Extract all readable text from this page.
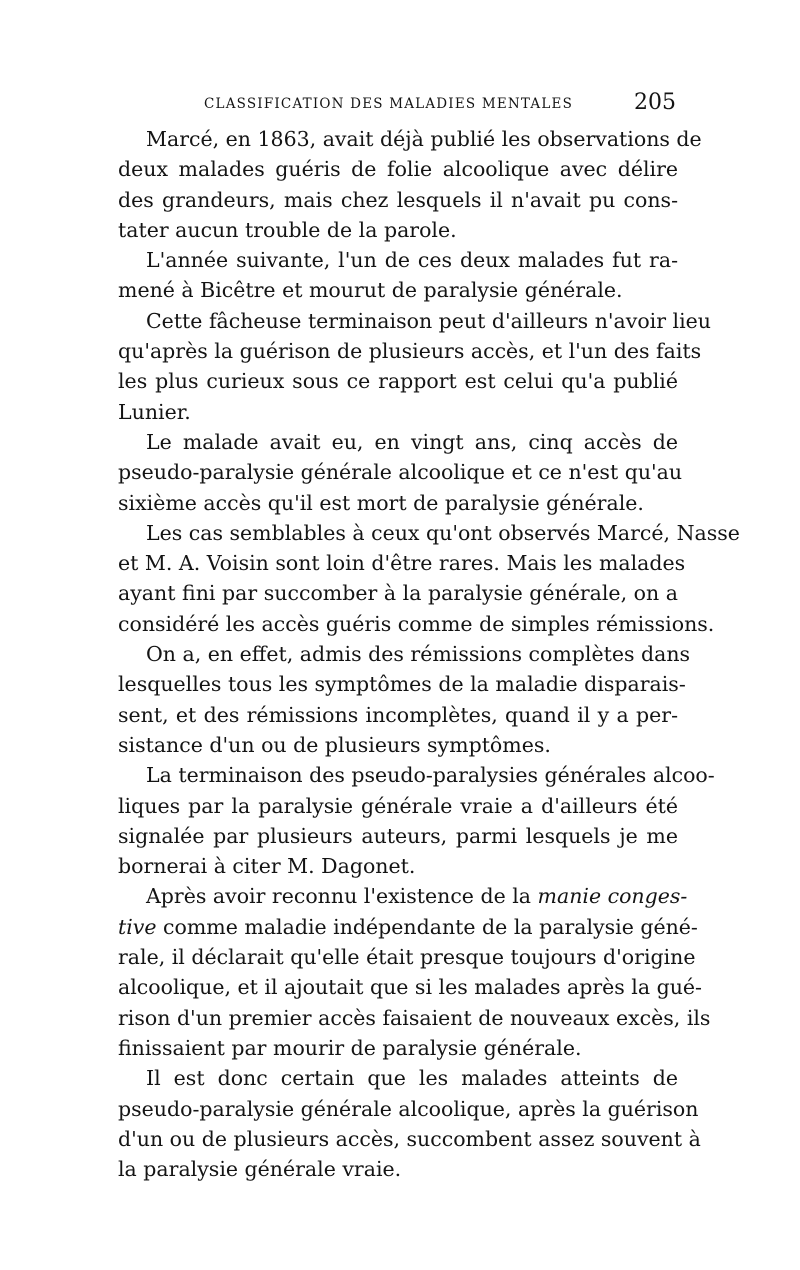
CLASSIFICATION DES MALADIES MENTALES	205
Marcé, en 1863, avait déjà publié les observations de
deux malades guéris de folie alcoolique avec délire
des grandeurs, mais chez lesquels il n'avait pu cons-
tater aucun trouble de la parole.
L'année suivante, l'un de ces deux malades fut ra-
mené à Bicêtre et mourut de paralysie générale.
Cette fâcheuse terminaison peut d'ailleurs n'avoir lieu
qu'après la guérison de plusieurs accès, et l'un des faits
les plus curieux sous ce rapport est celui qu'a publié
Lunier.
Le malade avait eu, en vingt ans, cinq accès de
pseudo-paralysie générale alcoolique et ce n'est qu'au
sixième accès qu'il est mort de paralysie générale.
Les cas semblables à ceux qu'ont observés Marcé, Nasse
et M. A. Voisin sont loin d'être rares. Mais les malades
ayant fini par succomber à la paralysie générale, on a
considéré les accès guéris comme de simples rémissions.
On a, en effet, admis des rémissions complètes dans
lesquelles tous les symptômes de la maladie disparais-
sent, et des rémissions incomplètes, quand il y a per-
sistance d'un ou de plusieurs symptômes.
La terminaison des pseudo-paralysies générales alcoo-
liques par la paralysie générale vraie a d'ailleurs été
signalée par plusieurs auteurs, parmi lesquels je me
bornerai à citer M. Dagonet.
Après avoir reconnu l'existence de la manie conges-
tive comme maladie indépendante de la paralysie géné-
rale, il déclarait qu'elle était presque toujours d'origine
alcoolique, et il ajoutait que si les malades après la gué-
rison d'un premier accès faisaient de nouveaux excès, ils
finissaient par mourir de paralysie générale.
Il est donc certain que les malades atteints de
pseudo-paralysie générale alcoolique, après la guérison
d'un ou de plusieurs accès, succombent assez souvent à
la paralysie générale vraie.
